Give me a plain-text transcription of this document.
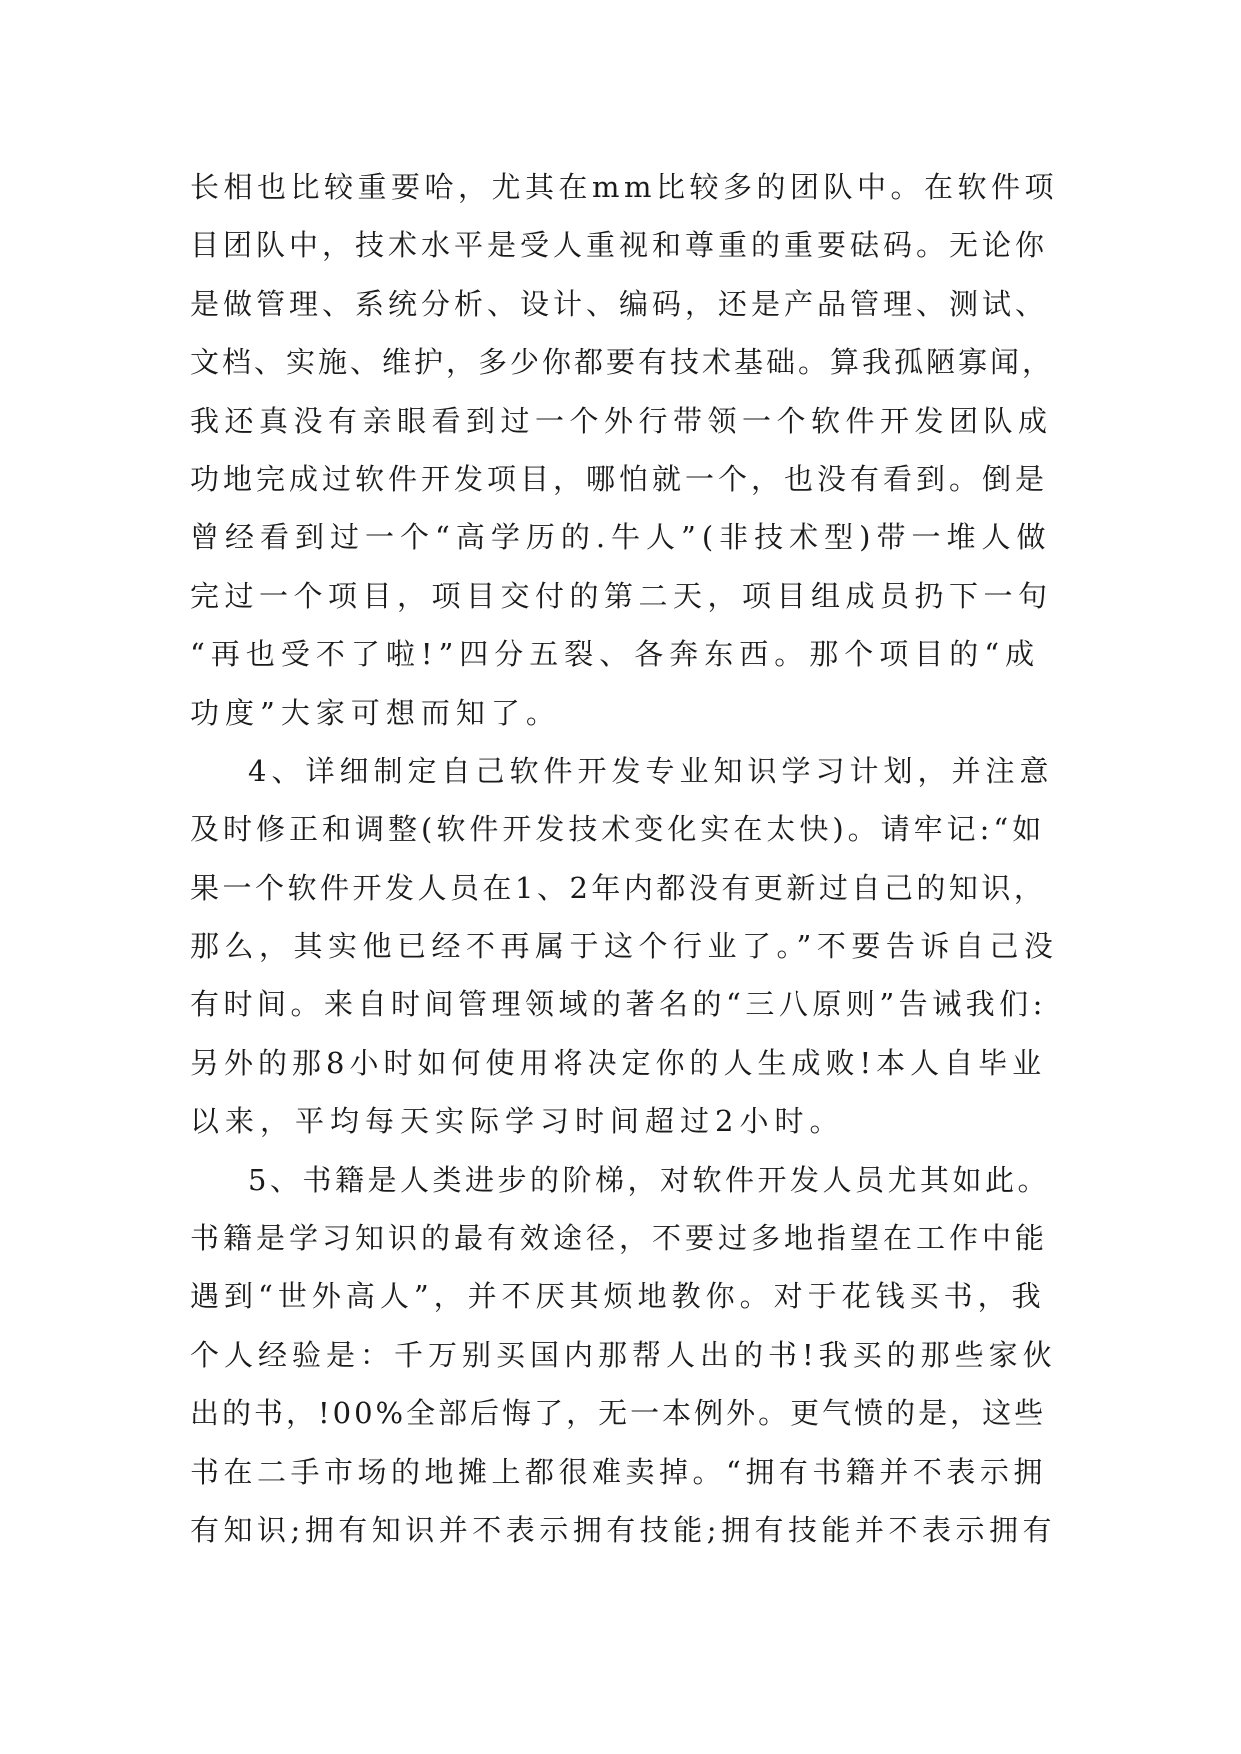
长相也比较重要哈，尤其在mm比较多的团队中。在软件项
目团队中，技术水平是受人重视和尊重的重要砝码。无论你
是做管理、系统分析、设计、编码，还是产品管理、测试、
文档、实施、维护，多少你都要有技术基础。算我孤陋寡闻，
我还真没有亲眼看到过一个外行带领一个软件开发团队成
功地完成过软件开发项目，哪怕就一个，也没有看到。倒是
曾经看到过一个“高学历的.牛人”(非技术型)带一堆人做
完过一个项目，项目交付的第二天，项目组成员扔下一句
“再也受不了啦!”四分五裂、各奔东西。那个项目的“成
功度”大家可想而知了。
4、详细制定自己软件开发专业知识学习计划，并注意
及时修正和调整(软件开发技术变化实在太快)。请牢记:“如
果一个软件开发人员在1、2年内都没有更新过自己的知识，
那么，其实他已经不再属于这个行业了。”不要告诉自己没
有时间。来自时间管理领域的著名的“三八原则”告诫我们:
另外的那8小时如何使用将决定你的人生成败!本人自毕业
以来，平均每天实际学习时间超过2小时。
5、书籍是人类进步的阶梯，对软件开发人员尤其如此。
书籍是学习知识的最有效途径，不要过多地指望在工作中能
遇到“世外高人”，并不厌其烦地教你。对于花钱买书，我
个人经验是：千万别买国内那帮人出的书!我买的那些家伙
出的书，!00%全部后悔了，无一本例外。更气愤的是，这些
书在二手市场的地摊上都很难卖掉。“拥有书籍并不表示拥
有知识;拥有知识并不表示拥有技能;拥有技能并不表示拥有
